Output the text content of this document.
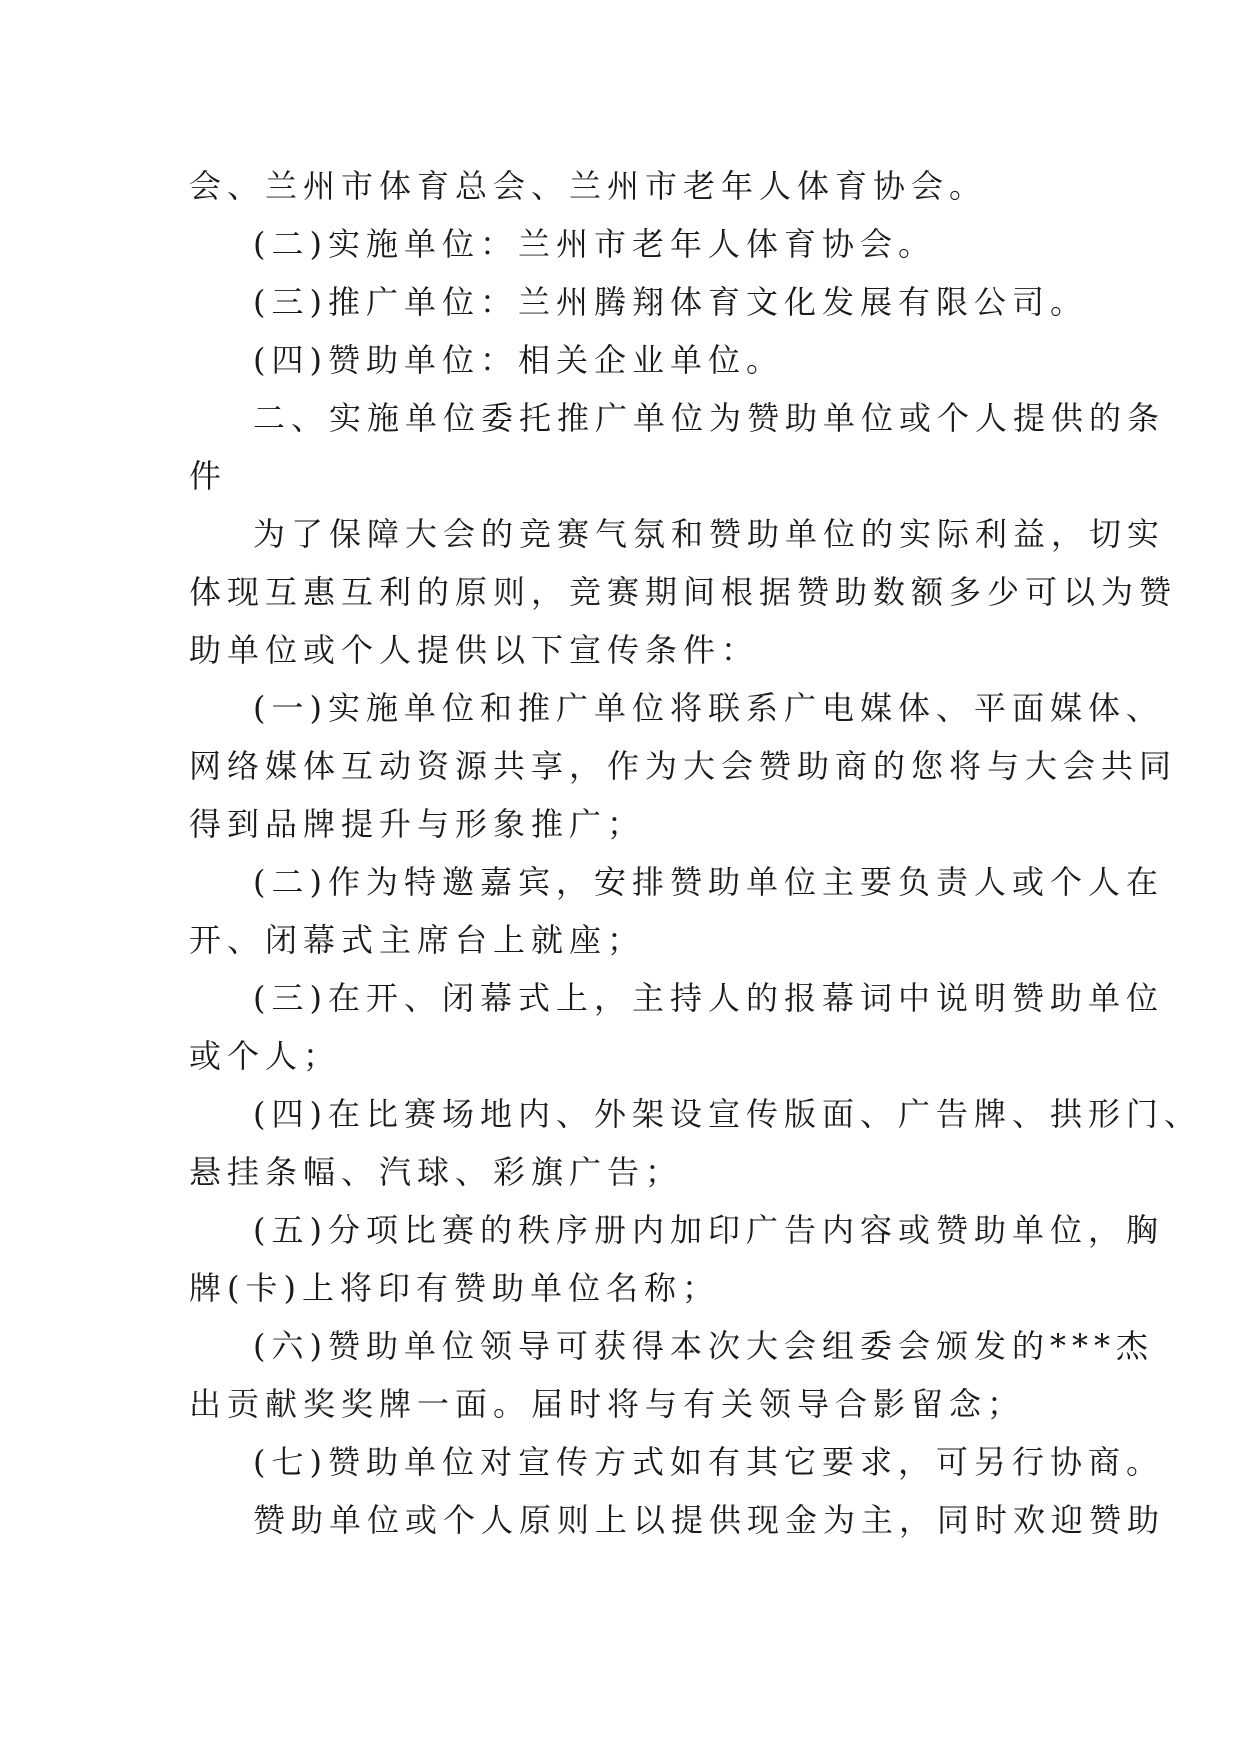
会、兰州市体育总会、兰州市老年人体育协会。
(二)实施单位：兰州市老年人体育协会。
(三)推广单位：兰州腾翔体育文化发展有限公司。
(四)赞助单位：相关企业单位。
二、实施单位委托推广单位为赞助单位或个人提供的条
件
为了保障大会的竞赛气氛和赞助单位的实际利益，切实
体现互惠互利的原则，竞赛期间根据赞助数额多少可以为赞
助单位或个人提供以下宣传条件：
(一)实施单位和推广单位将联系广电媒体、平面媒体、
网络媒体互动资源共享，作为大会赞助商的您将与大会共同
得到品牌提升与形象推广；
(二)作为特邀嘉宾，安排赞助单位主要负责人或个人在
开、闭幕式主席台上就座；
(三)在开、闭幕式上，主持人的报幕词中说明赞助单位
或个人；
(四)在比赛场地内、外架设宣传版面、广告牌、拱形门、
悬挂条幅、汽球、彩旗广告；
(五)分项比赛的秩序册内加印广告内容或赞助单位，胸
牌(卡)上将印有赞助单位名称；
(六)赞助单位领导可获得本次大会组委会颁发的***杰
出贡献奖奖牌一面。届时将与有关领导合影留念；
(七)赞助单位对宣传方式如有其它要求，可另行协商。
赞助单位或个人原则上以提供现金为主，同时欢迎赞助
